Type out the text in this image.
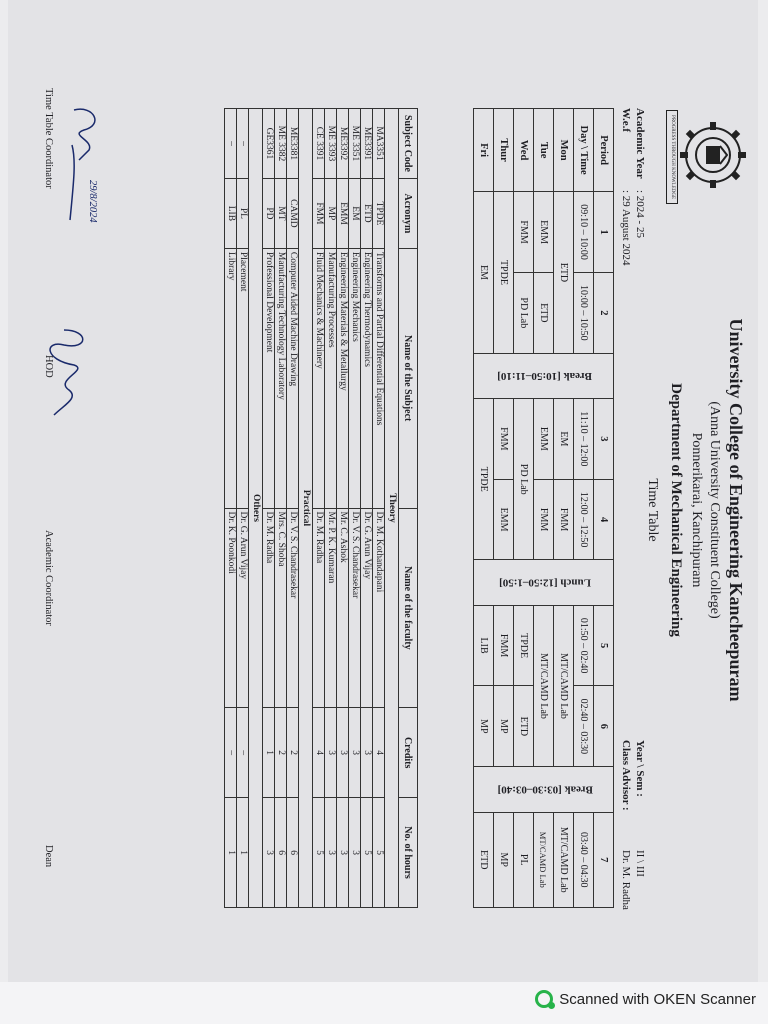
PROGRESS THROUGH KNOWLEDGE
University College of Engineering Kancheepuram
(Anna University Constituent College)
Ponnerikarai, Kanchipuram
Department of Mechanical Engineering
Time Table
Academic Year
: 2024 - 25
W.e.f
: 29 August 2024
Year \ Sem :
II \ III
Class Advisor :
Dr. M. Radha
Period	1	2	Break [10:50–11:10]	3	4	Lunch [12:50–1:50]	5	6	Break [03:30–03:40]	7
Day \ Time	09:10 – 10:00	10:00 – 10:50		11:10 – 12:00	12:00 – 12:50		01:50 – 02:40	02:40 – 03:30		03:40 – 04:30
Mon	ETD			EM	FMM		MT/CAMD Lab			MT/CAMD Lab
Tue	EMM	ETD		EMM	FMM		MT/CAMD Lab			MT/CAMD Lab
Wed	FMM	PD Lab		PD Lab			TPDE	ETD		PL
Thur	TPDE			FMM	EMM		FMM	MP		MP
Fri	EM			TPDE			LIB	MP		ETD
Subject Code	Acronym	Name of the Subject	Name of the faculty	Credits	No. of hours
Theory					
MA3351	TPDE	Transforms and Partial Differential Equations	Dr. M. Kothandapani	4	5
ME3391	ETD	Engineering Thermodynamics	Dr. G. Arun Vijay	3	5
ME 3351	EM	Engineering Mechanics	Dr. V. S. Chandrasekar	3	3
ME3392	EMM	Engineering Materials & Metallurgy	Mr. C. Ashok	3	3
ME 3393	MP	Manufacturing Processes	Mr. P. K. Kumaran	3	3
CE 3391	FMM	Fluid Mechanics & Machinery	Dr. M. Radha	4	5
Practical					
ME3381	CAMD	Computer Aided Machine Drawing	Dr. V. S. Chandrasekar	2	6
ME 3382	MT	Manufacturing Technology Laboratory	Mrs. C. Shoba	2	6
GE3361	PD	Professional Development	Dr. M. Radha	1	3
Others					
–	PL	Placement	Dr. G. Arun Vijay	–	1
–	LIB	Library	Dr. K. Poonkodi	–	1
29/8/2024
Time Table Coordinator
HOD
Academic Coordinator
Dean
Scanned with OKEN Scanner
